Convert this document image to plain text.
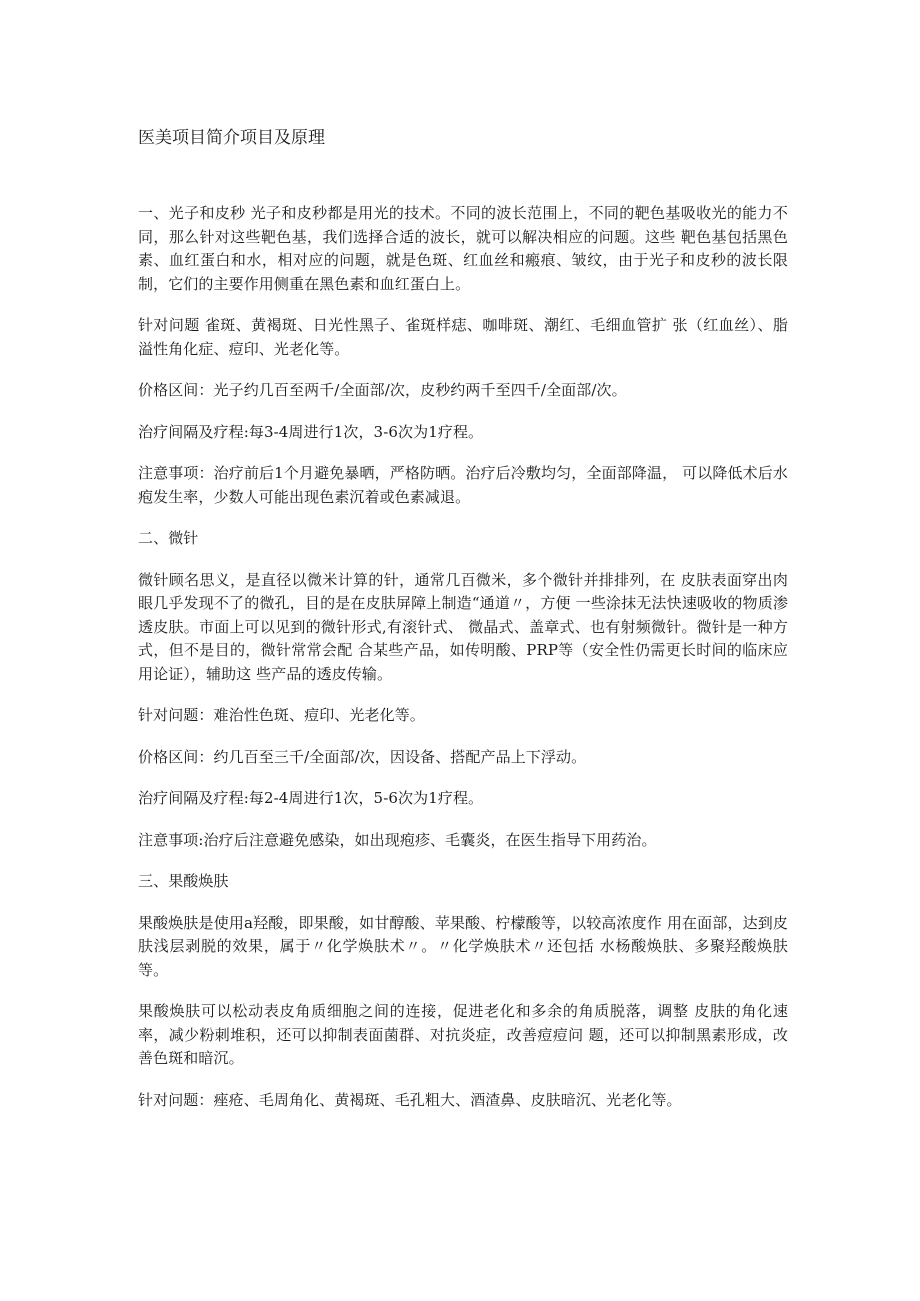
医美项目简介项目及原理

一、光子和皮秒 光子和皮秒都是用光的技术。不同的波长范围上，不同的靶色基吸收光的能力不 同，那么针对这些靶色基，我们选择合适的波长，就可以解决相应的问题。这些 靶色基包括黑色素、血红蛋白和水，相对应的问题，就是色斑、红血丝和瘢痕、皱纹，由于光子和皮秒的波长限制，它们的主要作用侧重在黑色素和血红蛋白上。

针对问题 雀斑、黄褐斑、日光性黑子、雀斑样痣、咖啡斑、潮红、毛细血管扩 张（红血丝）、脂溢性角化症、痘印、光老化等。

价格区间：光子约几百至两千/全面部/次，皮秒约两千至四千/全面部/次。

治疗间隔及疗程:每3-4周进行1次，3-6次为1疗程。

注意事项：治疗前后1个月避免暴晒，严格防晒。治疗后冷敷均匀，全面部降温， 可以降低术后水疱发生率，少数人可能出现色素沉着或色素减退。

二、微针

微针顾名思义，是直径以微米计算的针，通常几百微米，多个微针并排排列，在 皮肤表面穿出肉眼几乎发现不了的微孔，目的是在皮肤屏障上制造“通道〃，方便 一些涂抹无法快速吸收的物质渗透皮肤。市面上可以见到的微针形式,有滚针式、 微晶式、盖章式、也有射频微针。微针是一种方式，但不是目的，微针常常会配 合某些产品，如传明酸、PRP等（安全性仍需更长时间的临床应用论证），辅助这 些产品的透皮传输。

针对问题：难治性色斑、痘印、光老化等。

价格区间：约几百至三千/全面部/次，因设备、搭配产品上下浮动。

治疗间隔及疗程:每2-4周进行1次，5-6次为1疗程。

注意事项:治疗后注意避免感染，如出现疱疹、毛囊炎，在医生指导下用药治。

三、果酸焕肤

果酸焕肤是使用a羟酸，即果酸，如甘醇酸、苹果酸、柠檬酸等，以较高浓度作 用在面部，达到皮肤浅层剥脱的效果，属于〃化学焕肤术〃。〃化学焕肤术〃还包括 水杨酸焕肤、多聚羟酸焕肤等。

果酸焕肤可以松动表皮角质细胞之间的连接，促进老化和多余的角质脱落，调整 皮肤的角化速率，减少粉刺堆积，还可以抑制表面菌群、对抗炎症，改善痘痘问 题，还可以抑制黑素形成，改善色斑和暗沉。

针对问题：痤疮、毛周角化、黄褐斑、毛孔粗大、酒渣鼻、皮肤暗沉、光老化等。
